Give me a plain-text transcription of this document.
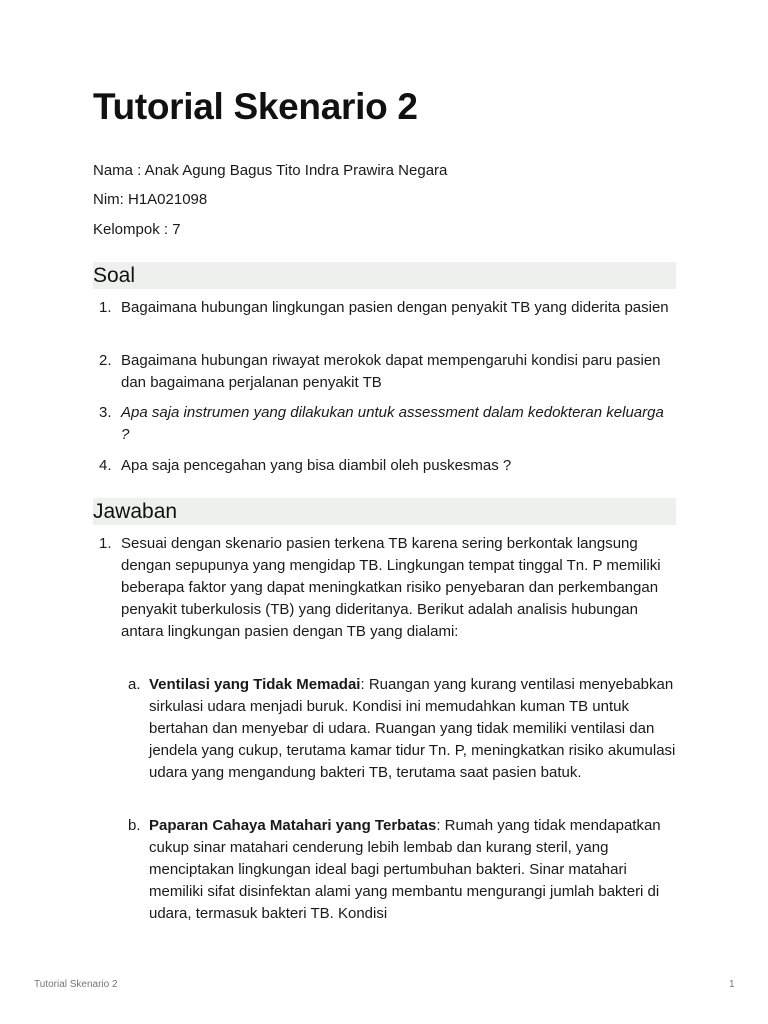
Tutorial Skenario 2
Nama : Anak Agung Bagus Tito Indra Prawira Negara
Nim: H1A021098
Kelompok : 7
Soal
1. Bagaimana hubungan lingkungan pasien dengan penyakit TB yang diderita pasien
2. Bagaimana hubungan riwayat merokok dapat mempengaruhi kondisi paru pasien dan bagaimana perjalanan penyakit TB
3. Apa saja instrumen yang dilakukan untuk assessment dalam kedokteran keluarga ?
4. Apa saja pencegahan yang bisa diambil oleh puskesmas ?
Jawaban
1. Sesuai dengan skenario pasien terkena TB karena sering berkontak langsung dengan sepupunya yang mengidap TB. Lingkungan tempat tinggal Tn. P memiliki beberapa faktor yang dapat meningkatkan risiko penyebaran dan perkembangan penyakit tuberkulosis (TB) yang dideritanya. Berikut adalah analisis hubungan antara lingkungan pasien dengan TB yang dialami:
a. Ventilasi yang Tidak Memadai: Ruangan yang kurang ventilasi menyebabkan sirkulasi udara menjadi buruk. Kondisi ini memudahkan kuman TB untuk bertahan dan menyebar di udara. Ruangan yang tidak memiliki ventilasi dan jendela yang cukup, terutama kamar tidur Tn. P, meningkatkan risiko akumulasi udara yang mengandung bakteri TB, terutama saat pasien batuk.
b. Paparan Cahaya Matahari yang Terbatas: Rumah yang tidak mendapatkan cukup sinar matahari cenderung lebih lembab dan kurang steril, yang menciptakan lingkungan ideal bagi pertumbuhan bakteri. Sinar matahari memiliki sifat disinfektan alami yang membantu mengurangi jumlah bakteri di udara, termasuk bakteri TB. Kondisi
Tutorial Skenario 2	1
